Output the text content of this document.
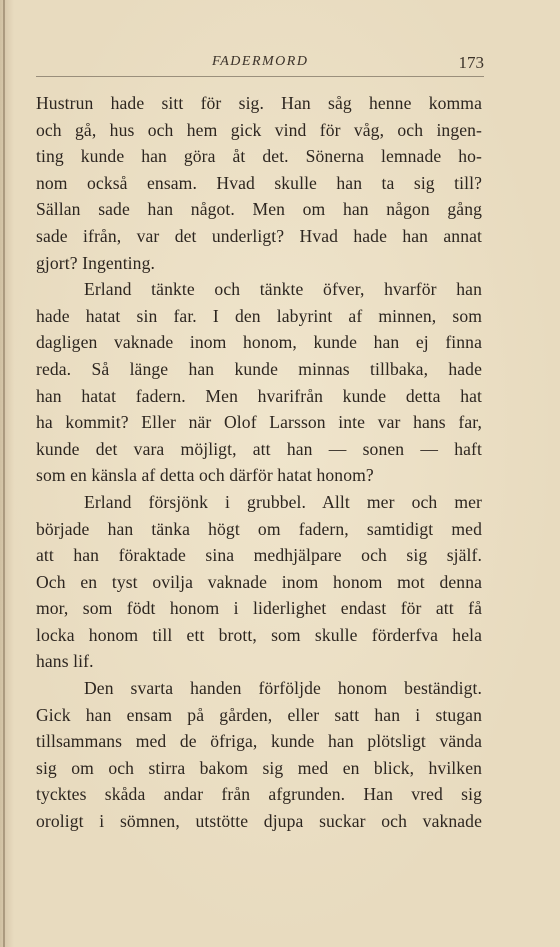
FADERMORD	173
Hustrun hade sitt för sig. Han såg henne komma
och gå, hus och hem gick vind för våg, och ingen-
ting kunde han göra åt det. Sönerna lemnade ho-
nom också ensam. Hvad skulle han ta sig till?
Sällan sade han något. Men om han någon gång
sade ifrån, var det underligt? Hvad hade han annat
gjort? Ingenting.
Erland tänkte och tänkte öfver, hvarför han
hade hatat sin far. I den labyrint af minnen, som
dagligen vaknade inom honom, kunde han ej finna
reda. Så länge han kunde minnas tillbaka, hade
han hatat fadern. Men hvarifrån kunde detta hat
ha kommit? Eller när Olof Larsson inte var hans far,
kunde det vara möjligt, att han — sonen — haft
som en känsla af detta och därför hatat honom?
Erland försjönk i grubbel. Allt mer och mer
började han tänka högt om fadern, samtidigt med
att han föraktade sina medhjälpare och sig själf.
Och en tyst ovilja vaknade inom honom mot denna
mor, som födt honom i liderlighet endast för att få
locka honom till ett brott, som skulle förderfva hela
hans lif.
Den svarta handen förföljde honom beständigt.
Gick han ensam på gården, eller satt han i stugan
tillsammans med de öfriga, kunde han plötsligt vända
sig om och stirra bakom sig med en blick, hvilken
tycktes skåda andar från afgrunden. Han vred sig
oroligt i sömnen, utstötte djupa suckar och vaknade
